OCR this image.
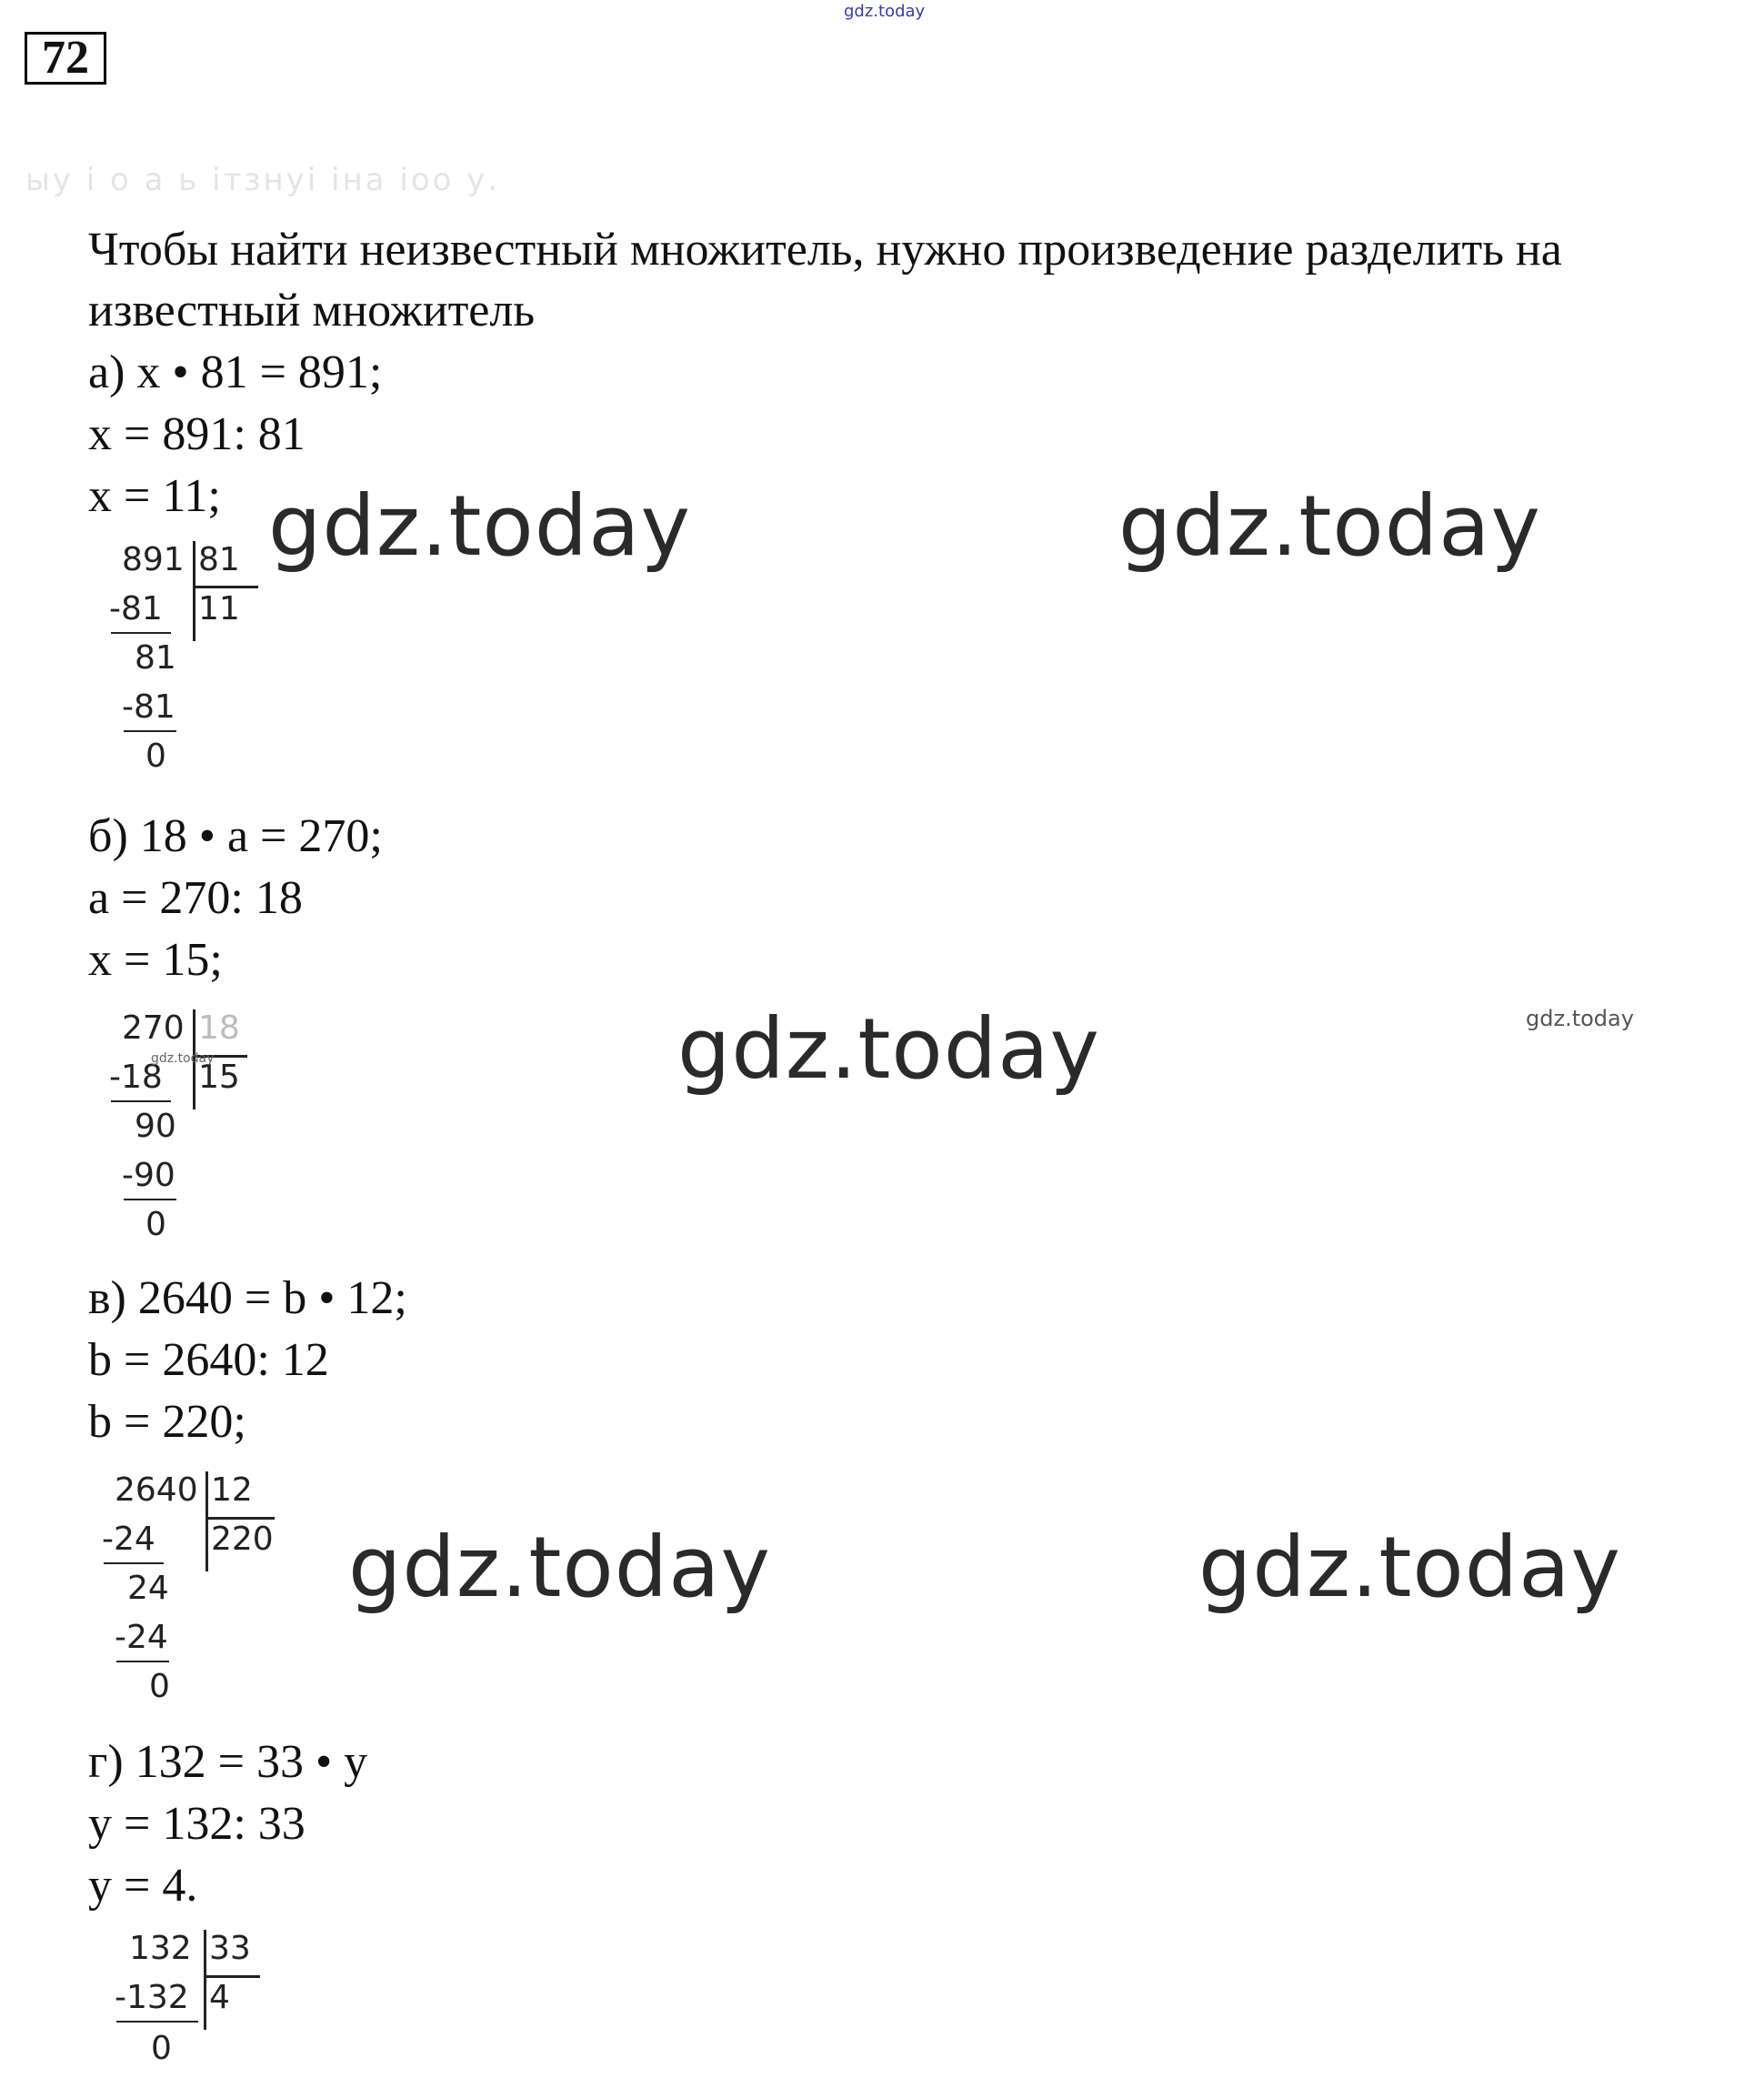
gdz.today
72
ыу і о а ь ітзнуі іна іоо у.
Чтобы найти неизвестный множитель, нужно произведение разделить на
известный множитель
а) x • 81 = 891;
x = 891: 81
x = 11;
891 81
11
-81
81
-81
0
б) 18 • a = 270;
a = 270: 18
x = 15;
270 18
15
-18
90
-90
0
в) 2640 = b • 12;
b = 2640: 12
b = 220;
2640 12
220
-24
24
-24
0
г) 132 = 33 • y
y = 132: 33
y = 4.
132 33
4
-132
0
gdz.today	gdz.today
gdz.today
gdz.today	gdz.today
gdz.today
gdz.today
